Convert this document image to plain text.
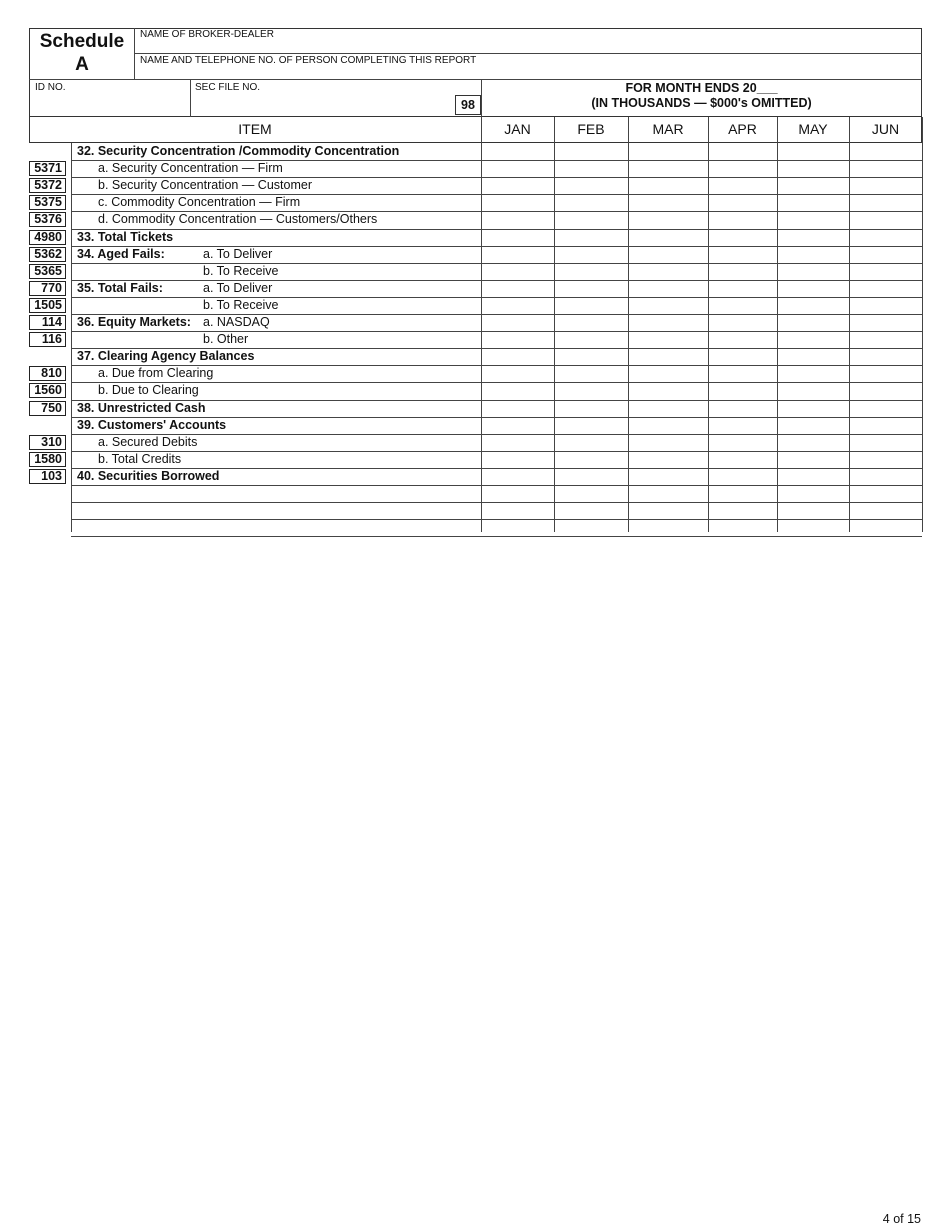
Schedule
A
NAME OF BROKER-DEALER
NAME AND TELEPHONE NO. OF PERSON COMPLETING THIS REPORT
ID NO.	SEC FILE NO.
98
FOR MONTH ENDS 20___
(IN THOUSANDS — $000's OMITTED)
ITEM	JAN	FEB	MAR	APR	MAY	JUN
32. Security Concentration /Commodity Concentration
5371	a. Security Concentration — Firm
5372	b. Security Concentration — Customer
5375	c. Commodity Concentration — Firm
5376	d. Commodity Concentration — Customers/Others
4980	33. Total Tickets
5362	34. Aged Fails:	a. To Deliver
5365	b. To Receive
770	35. Total Fails:	a. To Deliver
1505	b. To Receive
114	36. Equity Markets: a. NASDAQ
116	b. Other
37. Clearing Agency Balances
810	a. Due from Clearing
1560	b. Due to Clearing
750	38. Unrestricted Cash
39. Customers' Accounts
310	a. Secured Debits
1580	b. Total Credits
103	40. Securities Borrowed
4 of 15
